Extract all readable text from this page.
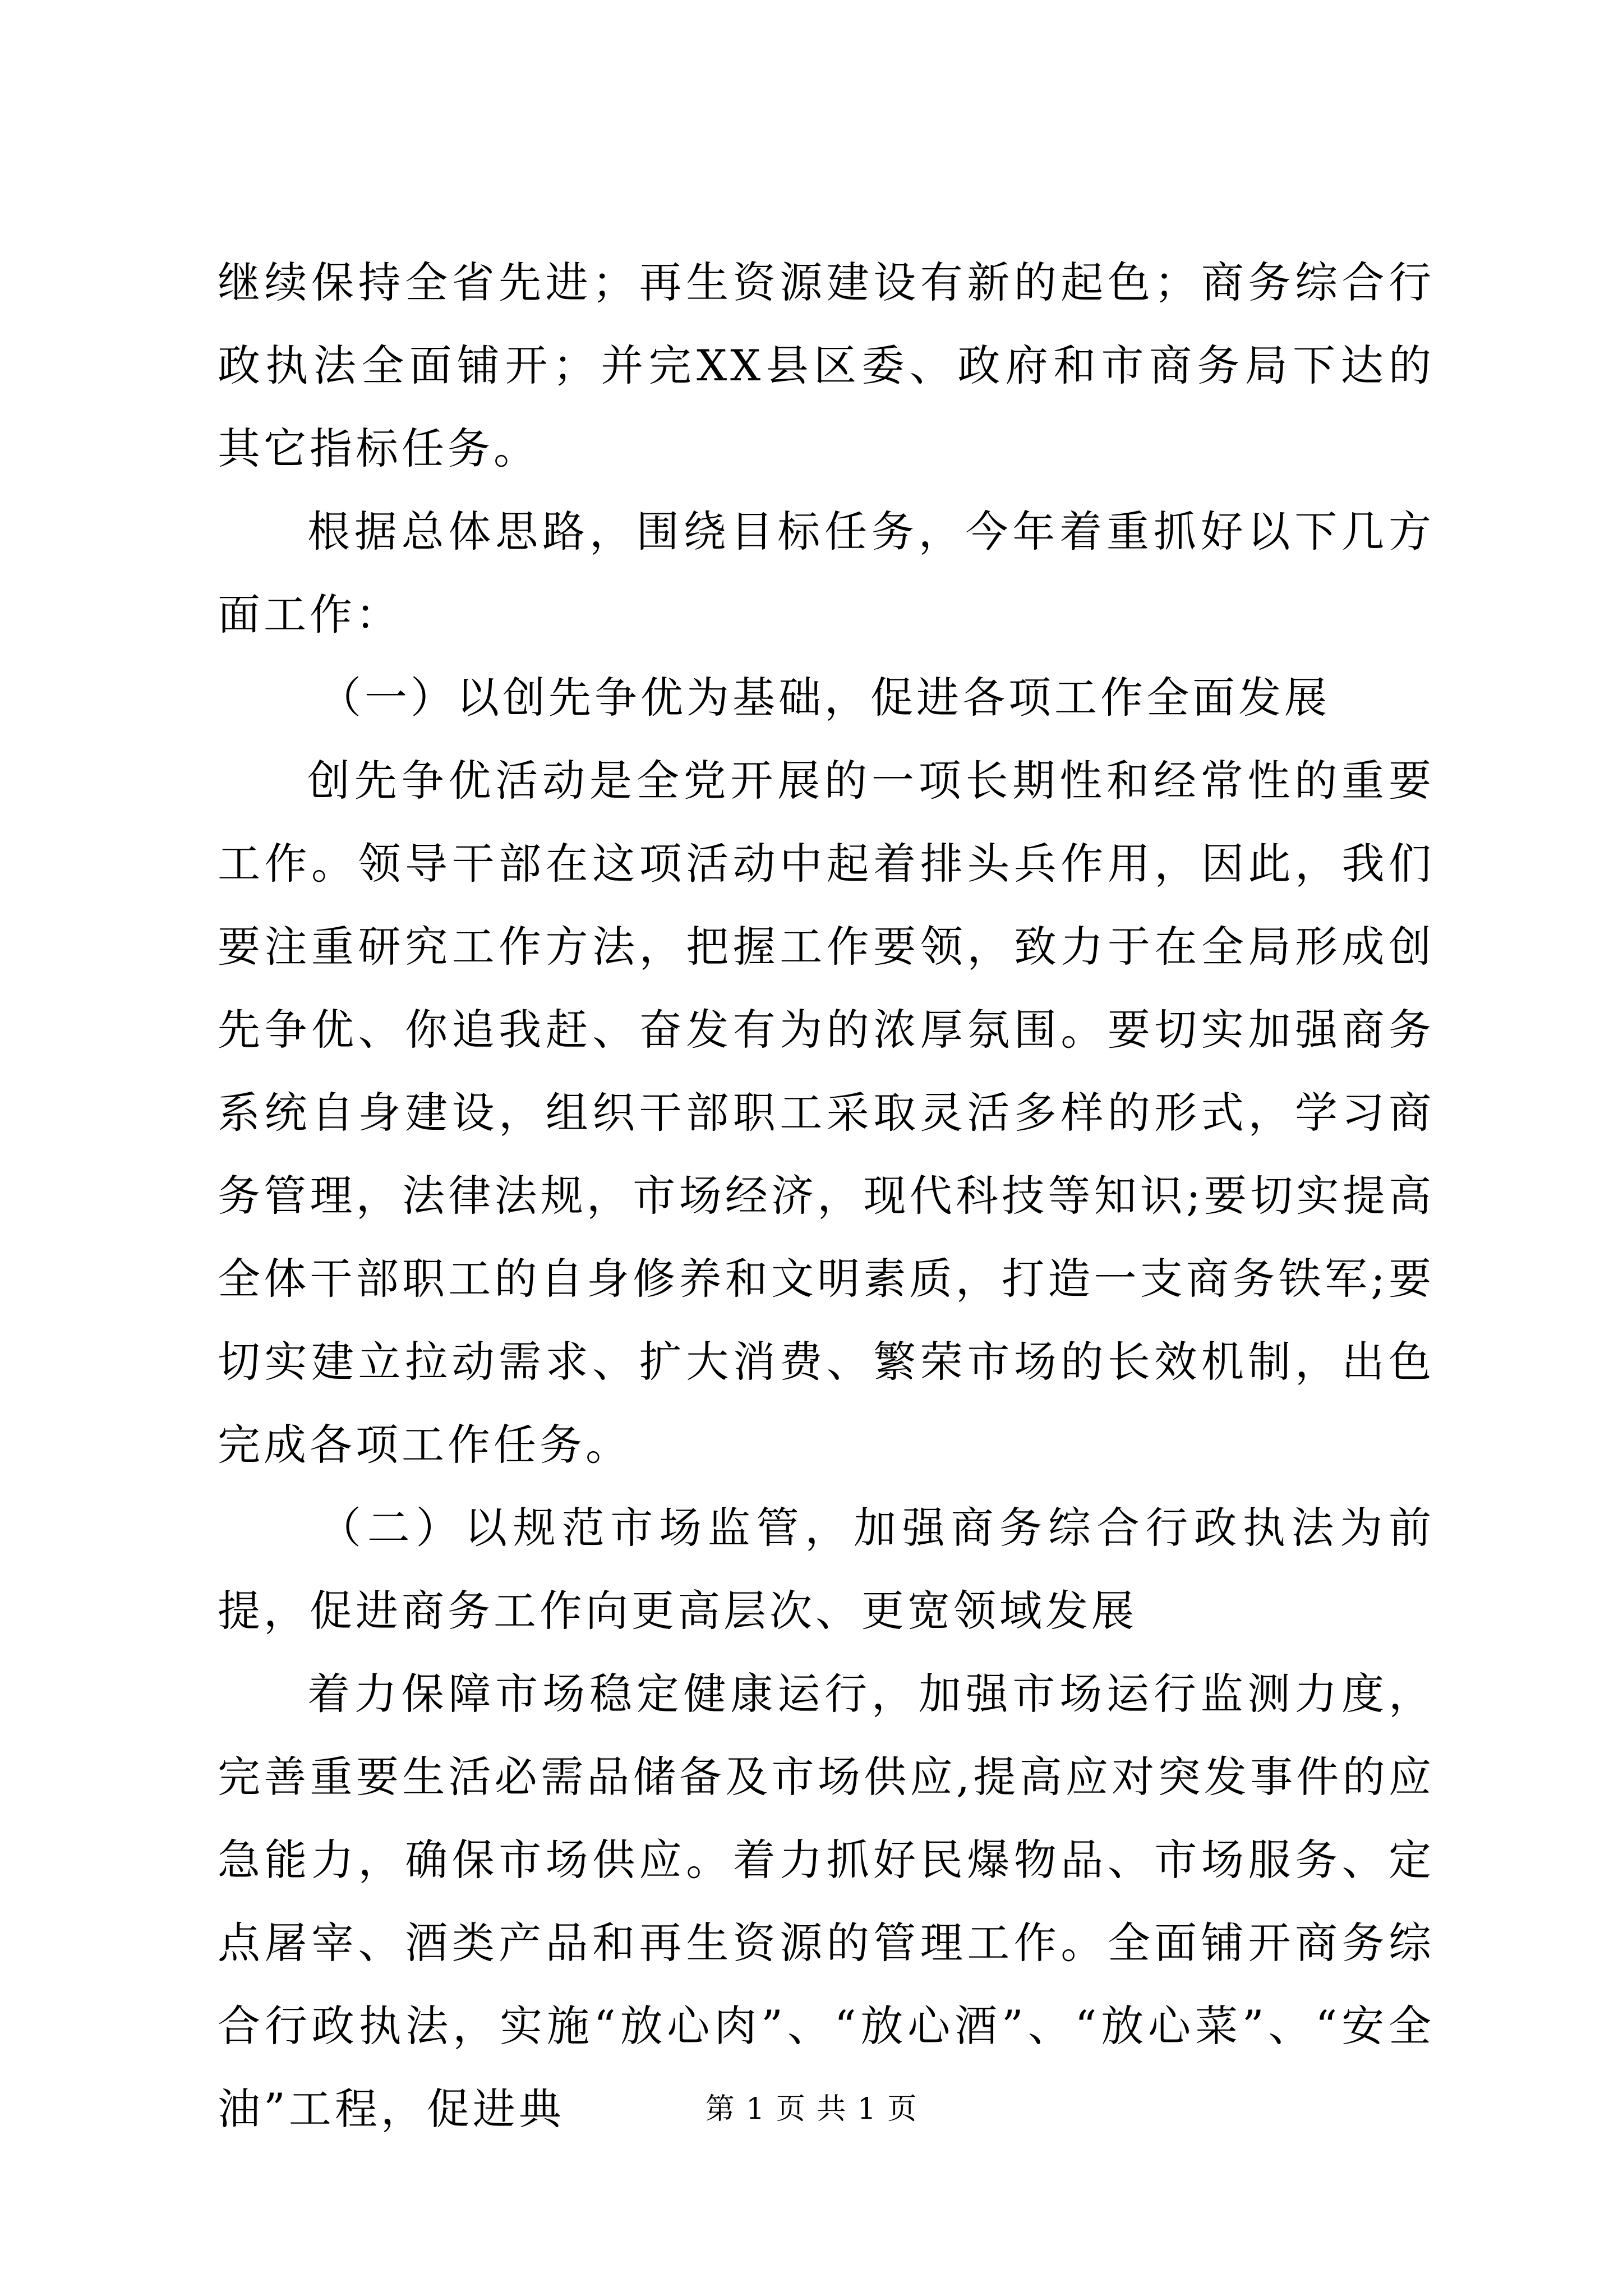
继续保持全省先进；再生资源建设有新的起色；商务综合行政执法全面铺开；并完XX县区委、政府和市商务局下达的其它指标任务。

根据总体思路，围绕目标任务，今年着重抓好以下几方面工作：

（一）以创先争优为基础，促进各项工作全面发展

创先争优活动是全党开展的一项长期性和经常性的重要工作。领导干部在这项活动中起着排头兵作用，因此，我们要注重研究工作方法，把握工作要领，致力于在全局形成创先争优、你追我赶、奋发有为的浓厚氛围。要切实加强商务系统自身建设，组织干部职工采取灵活多样的形式，学习商务管理，法律法规，市场经济，现代科技等知识;要切实提高全体干部职工的自身修养和文明素质，打造一支商务铁军;要切实建立拉动需求、扩大消费、繁荣市场的长效机制，出色完成各项工作任务。

（二）以规范市场监管，加强商务综合行政执法为前提，促进商务工作向更高层次、更宽领域发展

着力保障市场稳定健康运行，加强市场运行监测力度，完善重要生活必需品储备及市场供应,提高应对突发事件的应急能力，确保市场供应。着力抓好民爆物品、市场服务、定点屠宰、酒类产品和再生资源的管理工作。全面铺开商务综合行政执法，实施“放心肉”、“放心酒”、“放心菜”、“安全油”工程，促进典	第 1 页 共 1 页
